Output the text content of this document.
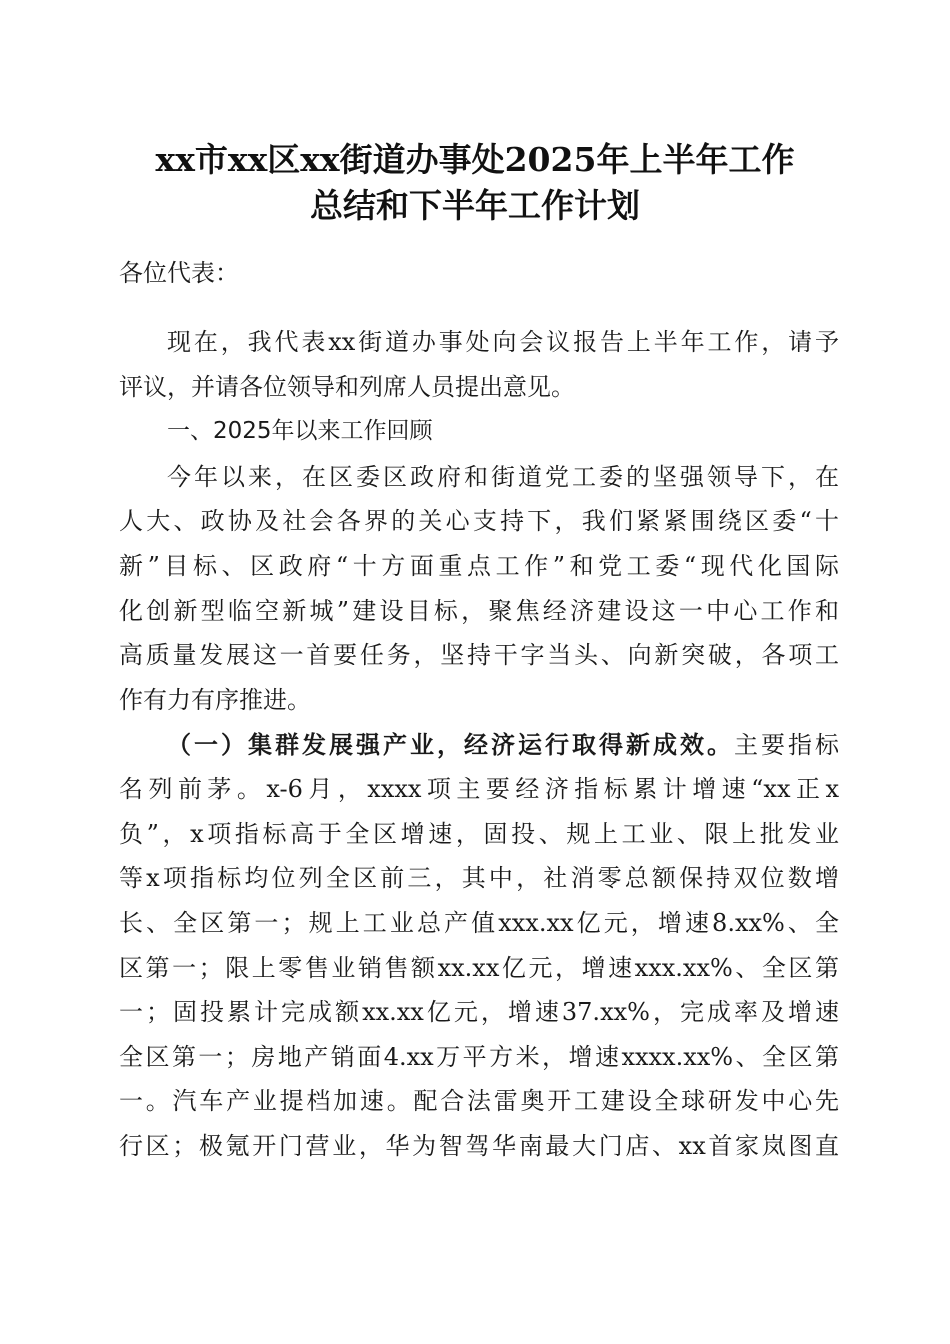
xx市xx区xx街道办事处2025年上半年工作
总结和下半年工作计划
各位代表：
现在，我代表xx街道办事处向会议报告上半年工作，请予
评议，并请各位领导和列席人员提出意见。
一、2025年以来工作回顾
今年以来，在区委区政府和街道党工委的坚强领导下，在
人大、政协及社会各界的关心支持下，我们紧紧围绕区委“十
新”目标、区政府“十方面重点工作”和党工委“现代化国际
化创新型临空新城”建设目标，聚焦经济建设这一中心工作和
高质量发展这一首要任务，坚持干字当头、向新突破，各项工
作有力有序推进。
（一）集群发展强产业，经济运行取得新成效。主要指标
名列前茅。x-6月，xxxx项主要经济指标累计增速“xx正x
负”，x项指标高于全区增速，固投、规上工业、限上批发业
等x项指标均位列全区前三，其中，社消零总额保持双位数增
长、全区第一；规上工业总产值xxx.xx亿元，增速8.xx%、全
区第一；限上零售业销售额xx.xx亿元，增速xxx.xx%、全区第
一；固投累计完成额xx.xx亿元，增速37.xx%，完成率及增速
全区第一；房地产销面4.xx万平方米，增速xxxx.xx%、全区第
一。汽车产业提档加速。配合法雷奥开工建设全球研发中心先
行区；极氪开门营业，华为智驾华南最大门店、xx首家岚图直
